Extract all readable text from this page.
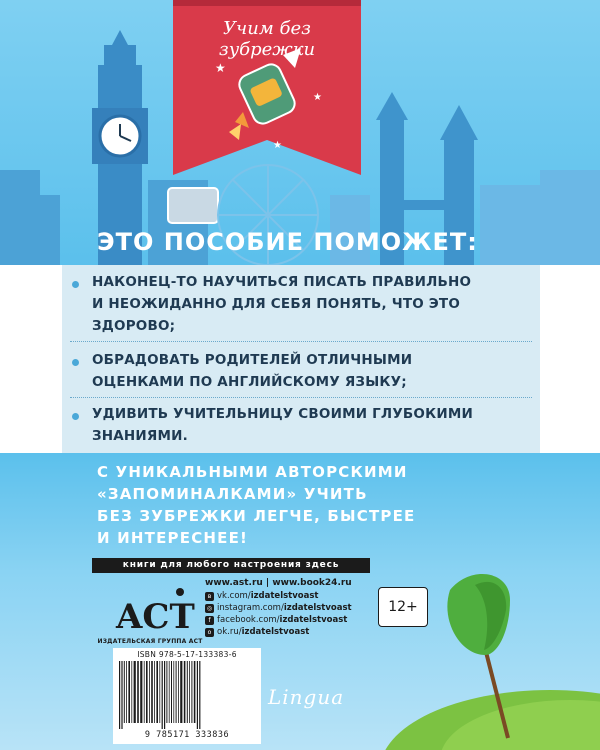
★
★
★
Учим без зубрежки
ЭТО ПОСОБИЕ ПОМОЖЕТ:
НАКОНЕЦ-ТО НАУЧИТЬСЯ ПИСАТЬ ПРАВИЛЬНО
И НЕОЖИДАННО ДЛЯ СЕБЯ ПОНЯТЬ, ЧТО ЭТО
ЗДОРОВО;
ОБРАДОВАТЬ РОДИТЕЛЕЙ ОТЛИЧНЫМИ
ОЦЕНКАМИ ПО АНГЛИЙСКОМУ ЯЗЫКУ;
УДИВИТЬ УЧИТЕЛЬНИЦУ СВОИМИ ГЛУБОКИМИ
ЗНАНИЯМИ.
С УНИКАЛЬНЫМИ АВТОРСКИМИ
«ЗАПОМИНАЛКАМИ» УЧИТЬ
БЕЗ ЗУБРЕЖКИ ЛЕГЧЕ, БЫСТРЕЕ
И ИНТЕРЕСНЕЕ!
книги для любого настроения здесь
ACT
ИЗДАТЕЛЬСКАЯ ГРУППА АСТ
www.ast.ru | www.book24.ru
в vk.com/izdatelstvoast
◎ instagram.com/izdatelstvoast
f facebook.com/izdatelstvoast
o ok.ru/izdatelstvoast
12+
ISBN 978-5-17-133383-6
9 785171 333836
Lingua
